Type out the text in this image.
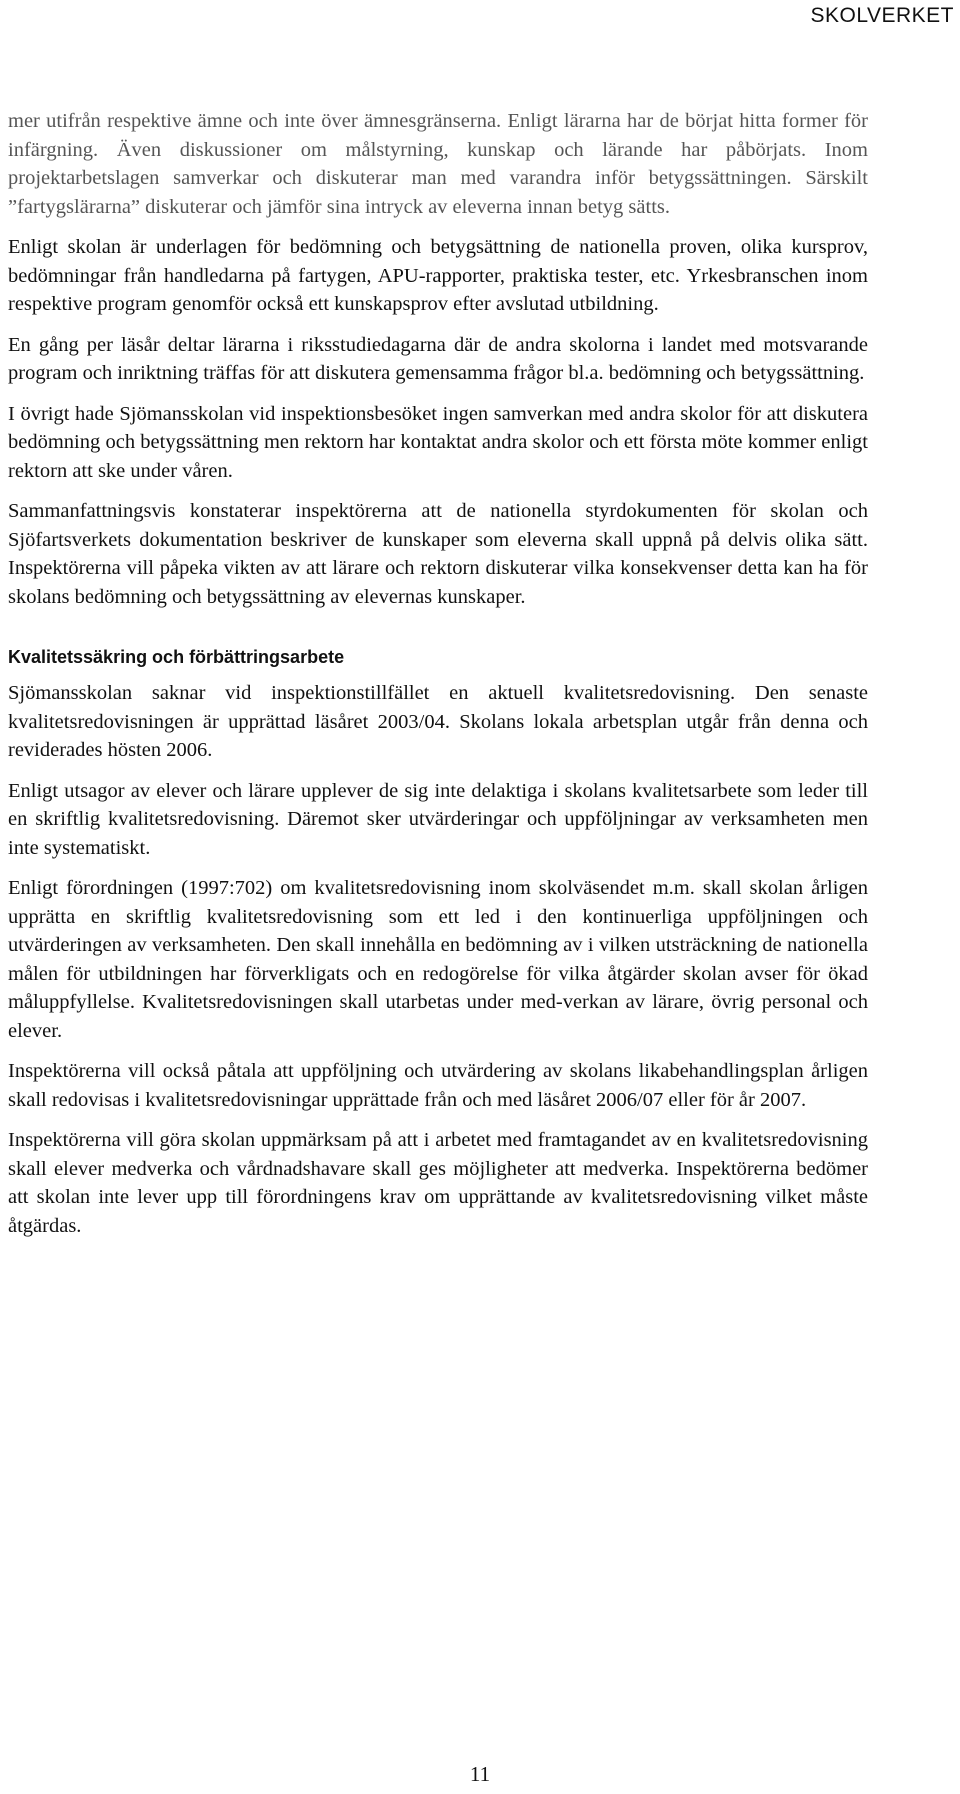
SKOLVERKET

mer utifrån respektive ämne och inte över ämnesgränserna. Enligt lärarna har de börjat hitta former för infärgning. Även diskussioner om målstyrning, kunskap och lärande har påbörjats. Inom projektarbetslagen samverkar och diskuterar man med varandra inför betygssättningen. Särskilt ”fartygslärarna” diskuterar och jämför sina intryck av eleverna innan betyg sätts.

Enligt skolan är underlagen för bedömning och betygsättning de nationella proven, olika kursprov, bedömningar från handledarna på fartygen, APU-rapporter, praktiska tester, etc. Yrkesbranschen inom respektive program genomför också ett kunskapsprov efter avslutad utbildning.

En gång per läsår deltar lärarna i riksstudiedagarna där de andra skolorna i landet med motsvarande program och inriktning träffas för att diskutera gemensamma frågor bl.a. bedömning och betygssättning.

I övrigt hade Sjömansskolan vid inspektionsbesöket ingen samverkan med andra skolor för att diskutera bedömning och betygssättning men rektorn har kontaktat andra skolor och ett första möte kommer enligt rektorn att ske under våren.

Sammanfattningsvis konstaterar inspektörerna att de nationella styrdokumenten för skolan och Sjöfartsverkets dokumentation beskriver de kunskaper som eleverna skall uppnå på delvis olika sätt. Inspektörerna vill påpeka vikten av att lärare och rektorn diskuterar vilka konsekvenser detta kan ha för skolans bedömning och betygssättning av elevernas kunskaper.

Kvalitetssäkring och förbättringsarbete

Sjömansskolan saknar vid inspektionstillfället en aktuell kvalitetsredovisning. Den senaste kvalitetsredovisningen är upprättad läsåret 2003/04. Skolans lokala arbetsplan utgår från denna och reviderades hösten 2006.

Enligt utsagor av elever och lärare upplever de sig inte delaktiga i skolans kvalitetsarbete som leder till en skriftlig kvalitetsredovisning. Däremot sker utvärderingar och uppföljningar av verksamheten men inte systematiskt.

Enligt förordningen (1997:702) om kvalitetsredovisning inom skolväsendet m.m. skall skolan årligen upprätta en skriftlig kvalitetsredovisning som ett led i den kontinuerliga uppföljningen och utvärderingen av verksamheten. Den skall innehålla en bedömning av i vilken utsträckning de nationella målen för utbildningen har förverkligats och en redogörelse för vilka åtgärder skolan avser för ökad måluppfyllelse. Kvalitetsredovisningen skall utarbetas under med-verkan av lärare, övrig personal och elever.

Inspektörerna vill också påtala att uppföljning och utvärdering av skolans likabehandlingsplan årligen skall redovisas i kvalitetsredovisningar upprättade från och med läsåret 2006/07 eller för år 2007.

Inspektörerna vill göra skolan uppmärksam på att i arbetet med framtagandet av en kvalitetsredovisning skall elever medverka och vårdnadshavare skall ges möjligheter att medverka. Inspektörerna bedömer att skolan inte lever upp till förordningens krav om upprättande av kvalitetsredovisning vilket måste åtgärdas.

11
